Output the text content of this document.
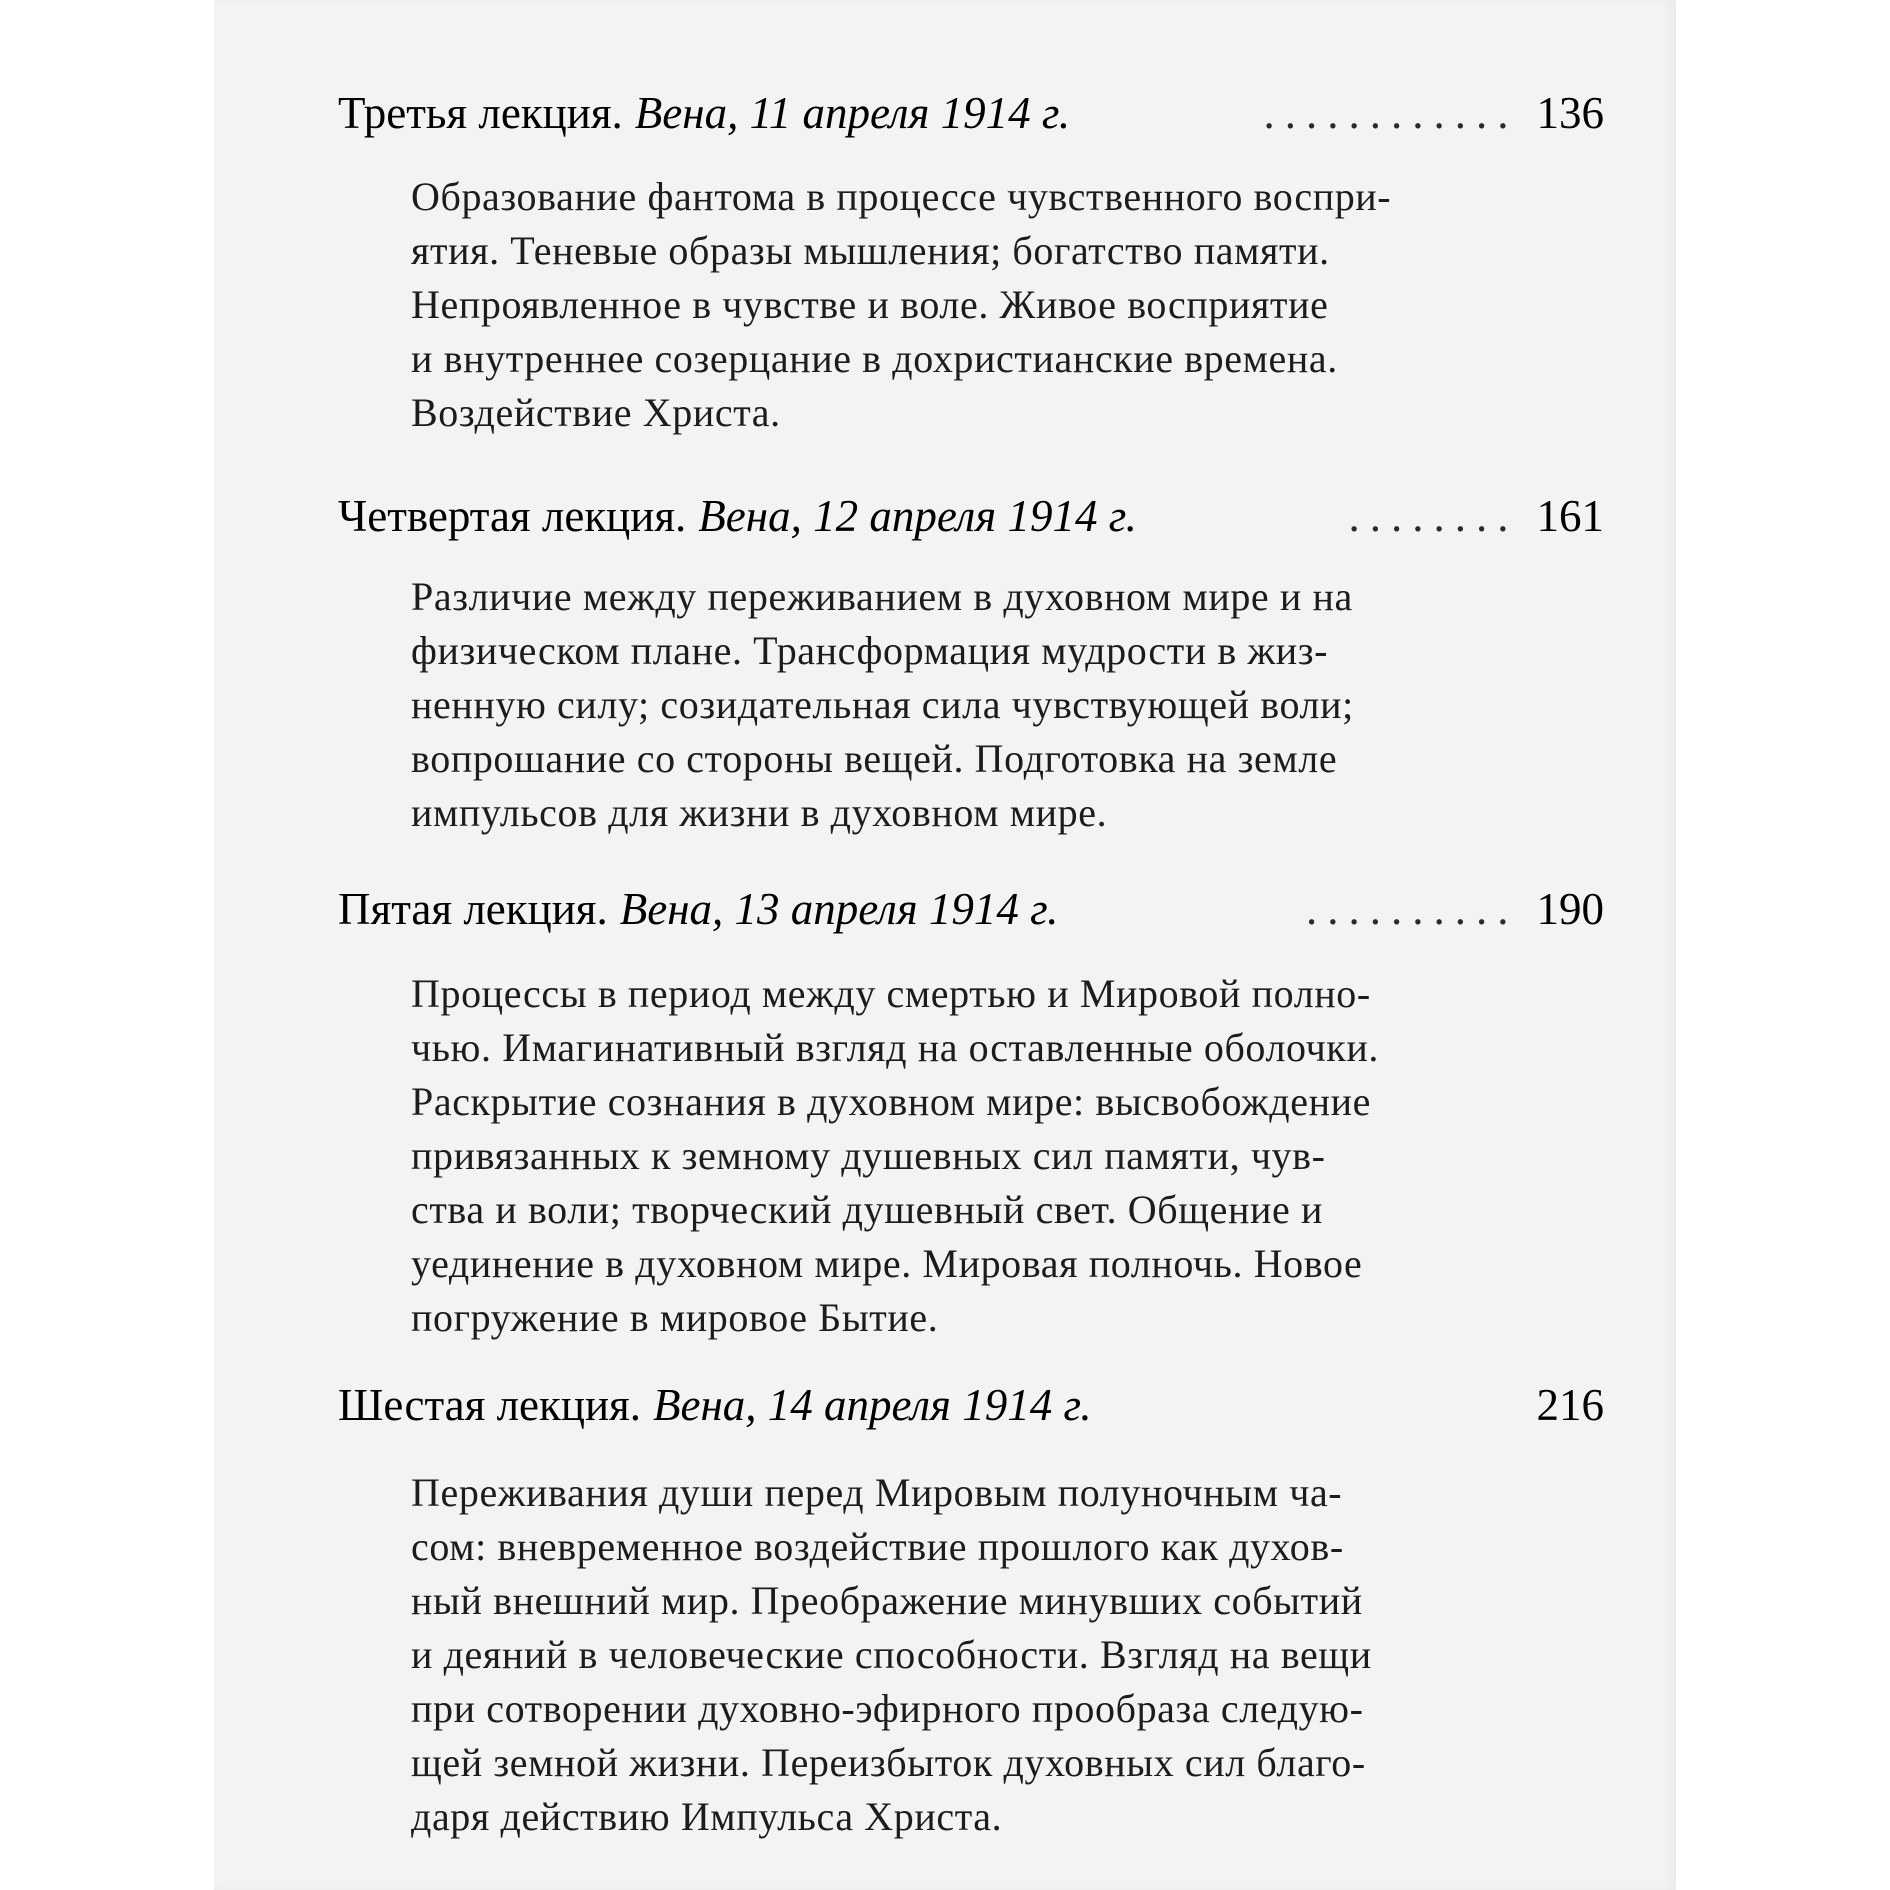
Третья лекция. Вена, 11 апреля 1914 г.	............ 136
Образование фантома в процессе чувственного воспри-
ятия. Теневые образы мышления; богатство памяти.
Непроявленное в чувстве и воле. Живое восприятие
и внутреннее созерцание в дохристианские времена.
Воздействие Христа.
Четвертая лекция. Вена, 12 апреля 1914 г.	........ 161
Различие между переживанием в духовном мире и на
физическом плане. Трансформация мудрости в жиз-
ненную силу; созидательная сила чувствующей воли;
вопрошание со стороны вещей. Подготовка на земле
импульсов для жизни в духовном мире.
Пятая лекция. Вена, 13 апреля 1914 г.	.......... 190
Процессы в период между смертью и Мировой полно-
чью. Имагинативный взгляд на оставленные оболочки.
Раскрытие сознания в духовном мире: высвобождение
привязанных к земному душевных сил памяти, чув-
ства и воли; творческий душевный свет. Общение и
уединение в духовном мире. Мировая полночь. Новое
погружение в мировое Бытие.
Шестая лекция. Вена, 14 апреля 1914 г.	216
Переживания души перед Мировым полуночным ча-
сом: вневременное воздействие прошлого как духов-
ный внешний мир. Преображение минувших событий
и деяний в человеческие способности. Взгляд на вещи
при сотворении духовно-эфирного прообраза следую-
щей земной жизни. Переизбыток духовных сил благо-
даря действию Импульса Христа.
